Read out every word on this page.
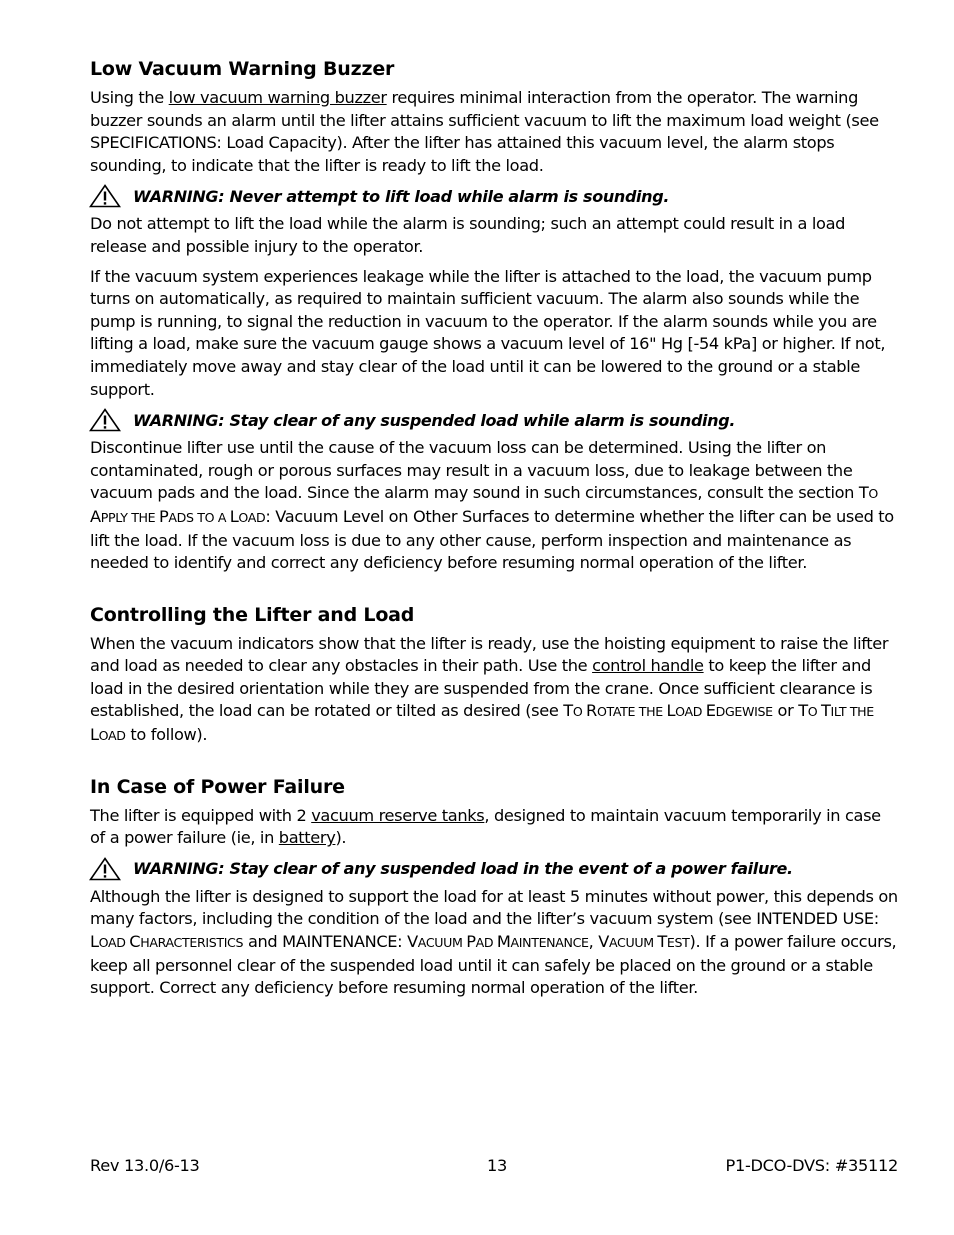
Low Vacuum Warning Buzzer

Using the low vacuum warning buzzer requires minimal interaction from the operator. The warning buzzer sounds an alarm until the lifter attains sufficient vacuum to lift the maximum load weight (see SPECIFICATIONS: Load Capacity). After the lifter has attained this vacuum level, the alarm stops sounding, to indicate that the lifter is ready to lift the load.

WARNING: Never attempt to lift load while alarm is sounding.

Do not attempt to lift the load while the alarm is sounding; such an attempt could result in a load release and possible injury to the operator.

If the vacuum system experiences leakage while the lifter is attached to the load, the vacuum pump turns on automatically, as required to maintain sufficient vacuum. The alarm also sounds while the pump is running, to signal the reduction in vacuum to the operator. If the alarm sounds while you are lifting a load, make sure the vacuum gauge shows a vacuum level of 16" Hg [-54 kPa] or higher. If not, immediately move away and stay clear of the load until it can be lowered to the ground or a stable support.

WARNING: Stay clear of any suspended load while alarm is sounding.

Discontinue lifter use until the cause of the vacuum loss can be determined. Using the lifter on contaminated, rough or porous surfaces may result in a vacuum loss, due to leakage between the vacuum pads and the load. Since the alarm may sound in such circumstances, consult the section TO APPLY THE PADS TO A LOAD: Vacuum Level on Other Surfaces to determine whether the lifter can be used to lift the load. If the vacuum loss is due to any other cause, perform inspection and maintenance as needed to identify and correct any deficiency before resuming normal operation of the lifter.

Controlling the Lifter and Load

When the vacuum indicators show that the lifter is ready, use the hoisting equipment to raise the lifter and load as needed to clear any obstacles in their path. Use the control handle to keep the lifter and load in the desired orientation while they are suspended from the crane. Once sufficient clearance is established, the load can be rotated or tilted as desired (see TO ROTATE THE LOAD EDGEWISE or TO TILT THE LOAD to follow).

In Case of Power Failure

The lifter is equipped with 2 vacuum reserve tanks, designed to maintain vacuum temporarily in case of a power failure (ie, in battery).

WARNING: Stay clear of any suspended load in the event of a power failure.

Although the lifter is designed to support the load for at least 5 minutes without power, this depends on many factors, including the condition of the load and the lifter’s vacuum system (see INTENDED USE: LOAD CHARACTERISTICS and MAINTENANCE: VACUUM PAD MAINTENANCE, VACUUM TEST). If a power failure occurs, keep all personnel clear of the suspended load until it can safely be placed on the ground or a stable support. Correct any deficiency before resuming normal operation of the lifter.

Rev 13.0/6-13	13	P1-DCO-DVS: #35112
